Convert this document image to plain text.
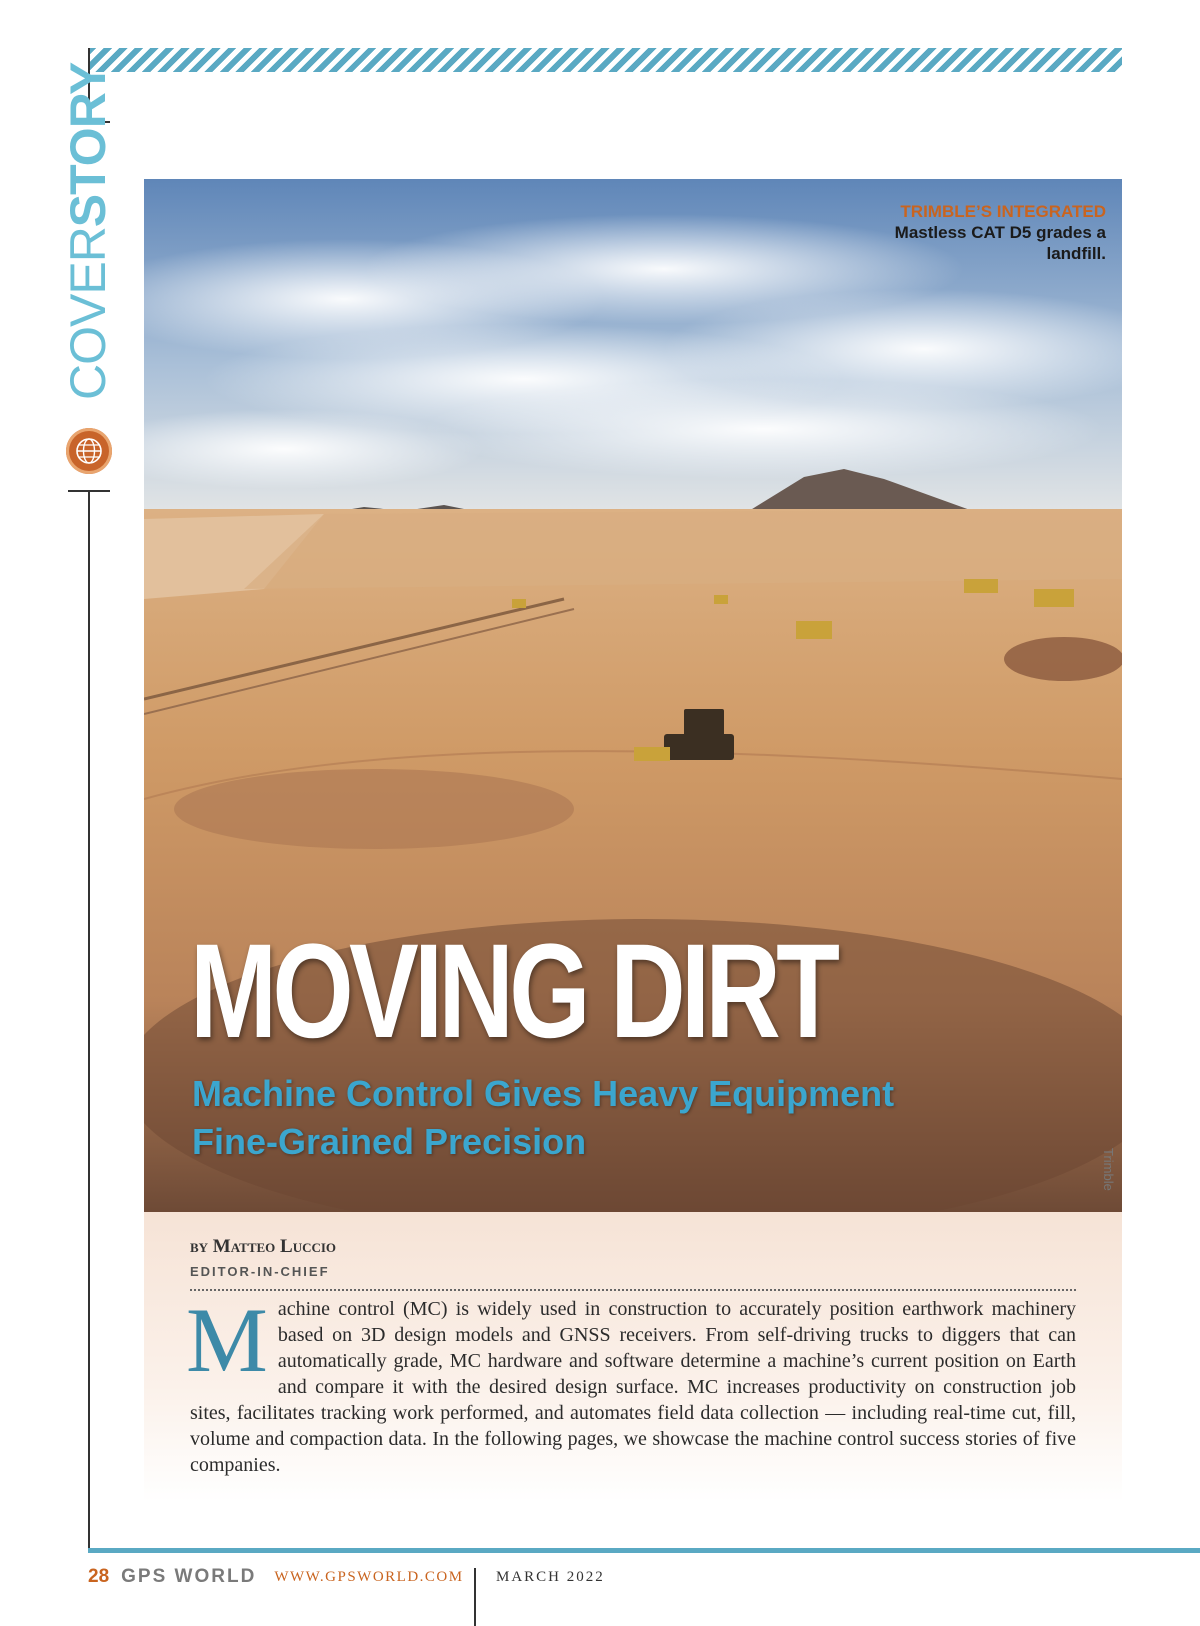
COVERSTORY	TRIMBLE’S INTEGRATED
Mastless CAT D5 grades a
landfill.
Trimble
MOVING DIRT
Machine Control Gives Heavy Equipment
Fine-Grained Precision
by Matteo Luccio
EDITOR-IN-CHIEF

Machine control (MC) is widely used in construction to accurately position earthwork machinery based on 3D design models and GNSS receivers. From self-driving trucks to diggers that can automatically grade, MC hardware and software determine a machine’s current position on Earth and compare it with the desired design surface. MC increases productivity on construction job sites, facilitates tracking work performed, and automates field data collection — including real-time cut, fill, volume and compaction data. In the following pages, we showcase the machine control success stories of five companies.

28 GPS WORLD WWW.GPSWORLD.COM MARCH 2022
